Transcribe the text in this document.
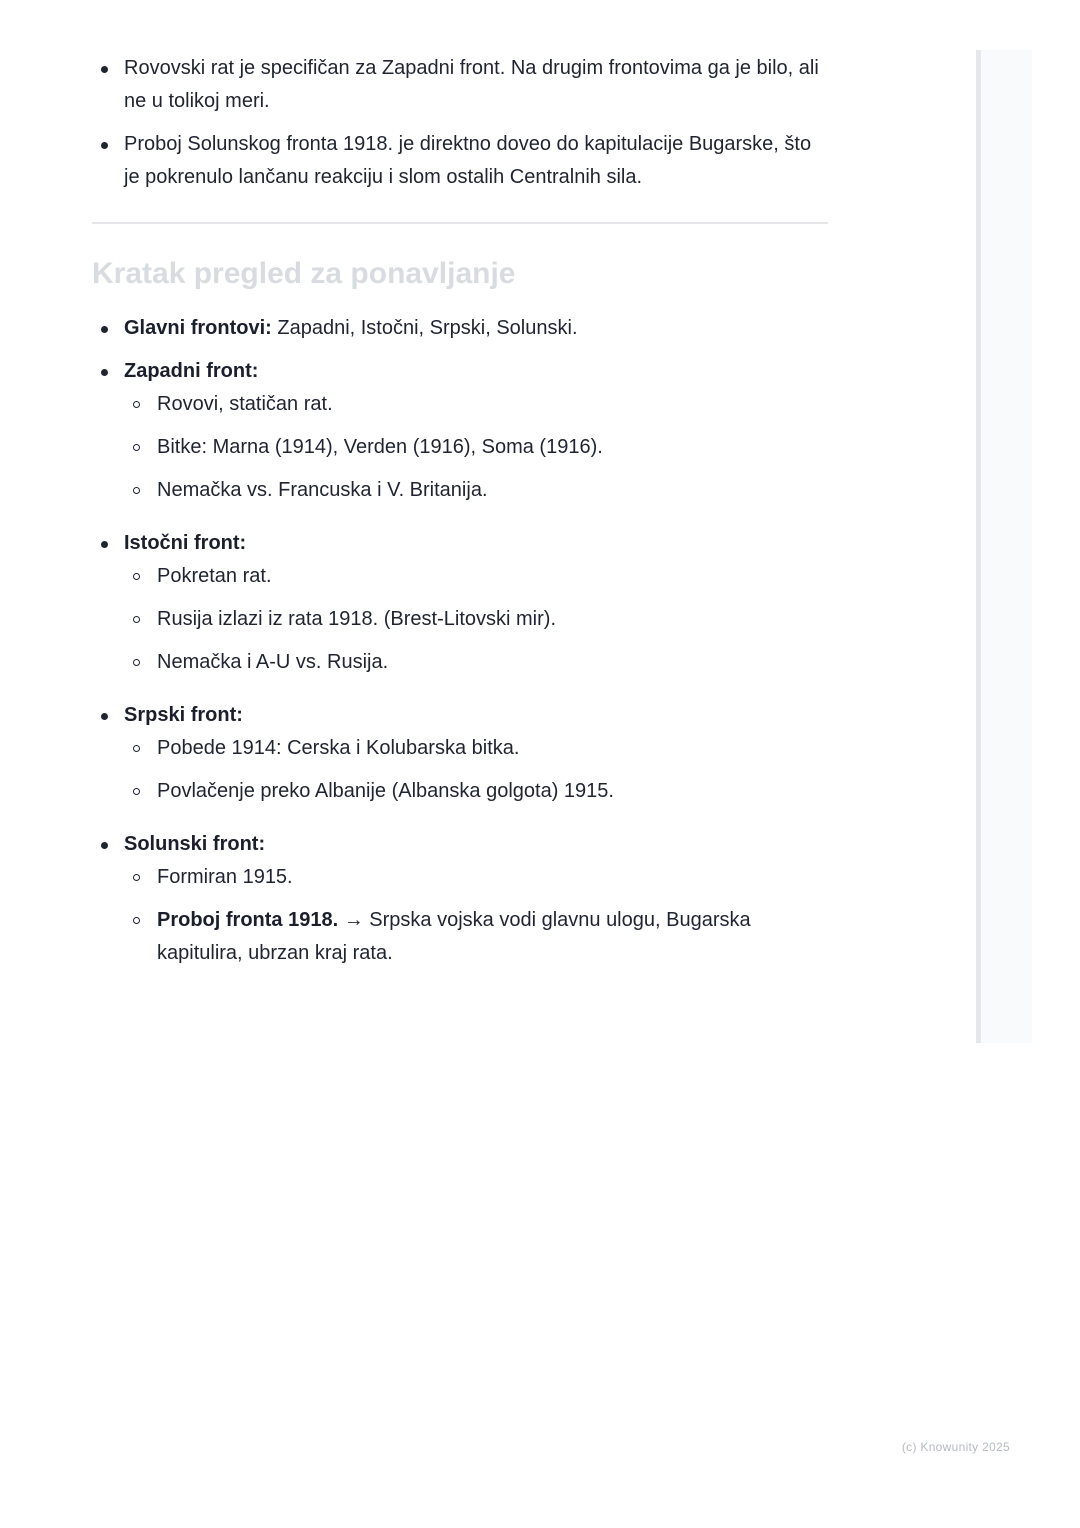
Rovovski rat je specifičan za Zapadni front. Na drugim frontovima ga je bilo, ali ne u tolikoj meri.
Proboj Solunskog fronta 1918. je direktno doveo do kapitulacije Bugarske, što je pokrenulo lančanu reakciju i slom ostalih Centralnih sila.
Kratak pregled za ponavljanje
Glavni frontovi: Zapadni, Istočni, Srpski, Solunski.
Zapadni front:
Rovovi, statičan rat.
Bitke: Marna (1914), Verden (1916), Soma (1916).
Nemačka vs. Francuska i V. Britanija.
Istočni front:
Pokretan rat.
Rusija izlazi iz rata 1918. (Brest-Litovski mir).
Nemačka i A-U vs. Rusija.
Srpski front:
Pobede 1914: Cerska i Kolubarska bitka.
Povlačenje preko Albanije (Albanska golgota) 1915.
Solunski front:
Formiran 1915.
Proboj fronta 1918. → Srpska vojska vodi glavnu ulogu, Bugarska kapitulira, ubrzan kraj rata.
(c) Knowunity 2025
